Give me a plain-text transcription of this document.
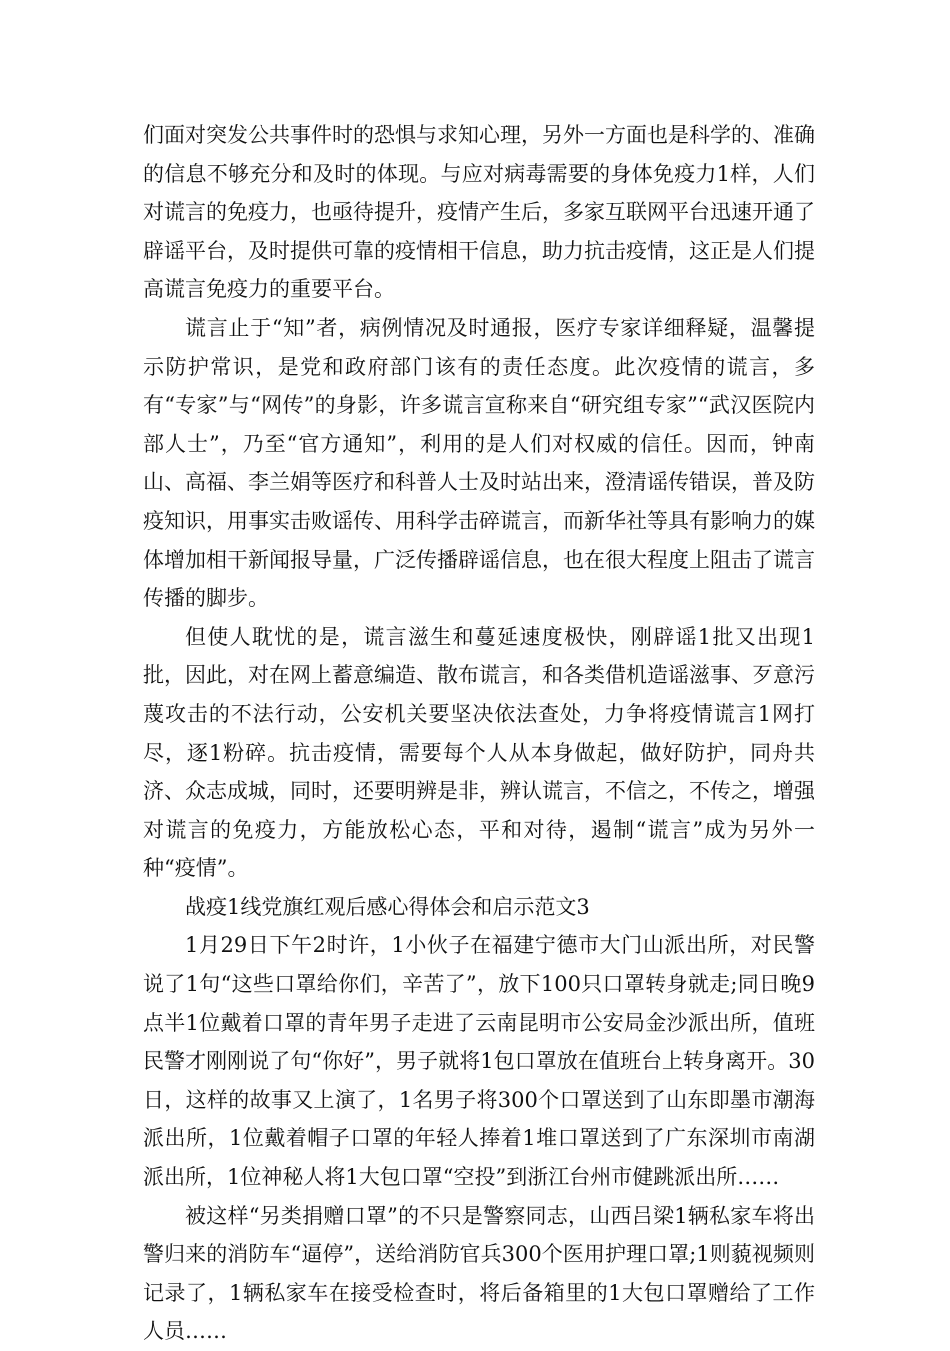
们面对突发公共事件时的恐惧与求知心理，另外一方面也是科学的、准确的信息不够充分和及时的体现。与应对病毒需要的身体免疫力1样，人们对谎言的免疫力，也亟待提升，疫情产生后，多家互联网平台迅速开通了辟谣平台，及时提供可靠的疫情相干信息，助力抗击疫情，这正是人们提高谎言免疫力的重要平台。

谎言止于“知”者，病例情况及时通报，医疗专家详细释疑，温馨提示防护常识，是党和政府部门该有的责任态度。此次疫情的谎言，多有“专家”与“网传”的身影，许多谎言宣称来自“研究组专家”“武汉医院内部人士”，乃至“官方通知”，利用的是人们对权威的信任。因而，钟南山、高福、李兰娟等医疗和科普人士及时站出来，澄清谣传错误，普及防疫知识，用事实击败谣传、用科学击碎谎言，而新华社等具有影响力的媒体增加相干新闻报导量，广泛传播辟谣信息，也在很大程度上阻击了谎言传播的脚步。

但使人耽忧的是，谎言滋生和蔓延速度极快，刚辟谣1批又出现1批，因此，对在网上蓄意编造、散布谎言，和各类借机造谣滋事、歹意污蔑攻击的不法行动，公安机关要坚决依法查处，力争将疫情谎言1网打尽，逐1粉碎。抗击疫情，需要每个人从本身做起，做好防护，同舟共济、众志成城，同时，还要明辨是非，辨认谎言，不信之，不传之，增强对谎言的免疫力，方能放松心态，平和对待，遏制“谎言”成为另外一种“疫情”。

战疫1线党旗红观后感心得体会和启示范文3

1月29日下午2时许，1小伙子在福建宁德市大门山派出所，对民警说了1句“这些口罩给你们，辛苦了”，放下100只口罩转身就走;同日晚9点半1位戴着口罩的青年男子走进了云南昆明市公安局金沙派出所，值班民警才刚刚说了句“你好”，男子就将1包口罩放在值班台上转身离开。30日，这样的故事又上演了，1名男子将300个口罩送到了山东即墨市潮海派出所，1位戴着帽子口罩的年轻人捧着1堆口罩送到了广东深圳市南湖派出所，1位神秘人将1大包口罩“空投”到浙江台州市健跳派出所……

被这样“另类捐赠口罩”的不只是警察同志，山西吕梁1辆私家车将出警归来的消防车“逼停”，送给消防官兵300个医用护理口罩;1则藐视频则记录了，1辆私家车在接受检查时，将后备箱里的1大包口罩赠给了工作人员……
